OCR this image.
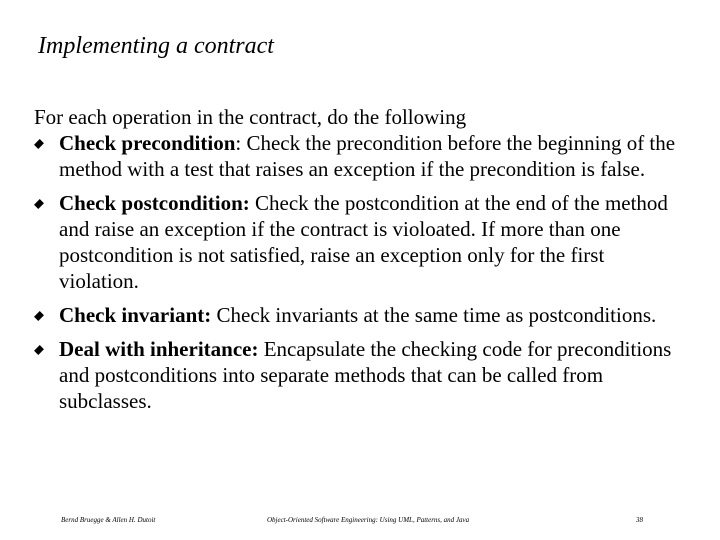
Implementing a contract

For each operation in the contract, do the following

Check precondition: Check the precondition before the beginning of the method with a test that raises an exception if the precondition is false.
Check postcondition: Check the postcondition at the end of the method and raise an exception if the contract is violoated. If more than one postcondition is not satisfied, raise an exception only for the first violation.
Check invariant: Check invariants at the same time as postconditions.
Deal with inheritance: Encapsulate the checking code for preconditions and postconditions into separate methods that can be called from subclasses.
Bernd Bruegge & Allen H. Dutoit	Object-Oriented Software Engineering: Using UML, Patterns, and Java	38
